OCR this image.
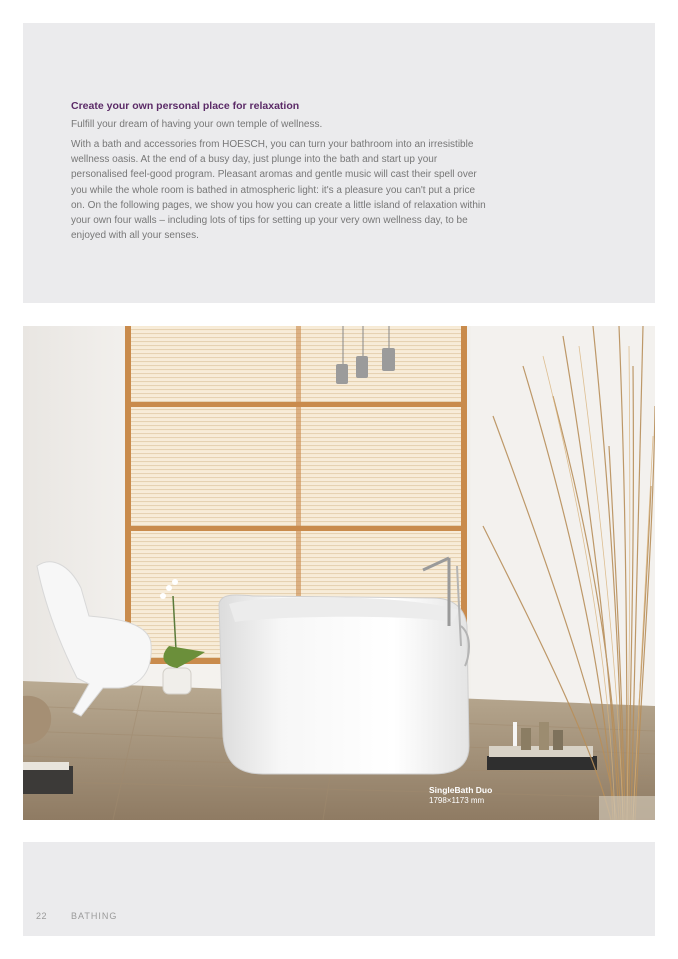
Create your own personal place for relaxation

Fulfill your dream of having your own temple of wellness.

With a bath and accessories from HOESCH, you can turn your bathroom into an irresistible wellness oasis. At the end of a busy day, just plunge into the bath and start up your personalised feel-good program. Pleasant aromas and gentle music will cast their spell over you while the whole room is bathed in atmospheric light: it's a pleasure you can't put a price on. On the following pages, we show you how you can create a little island of relaxation within your own four walls – including lots of tips for setting up your very own wellness day, to be enjoyed with all your senses.

SingleBath Duo
1798×1173 mm
22	BATHING
